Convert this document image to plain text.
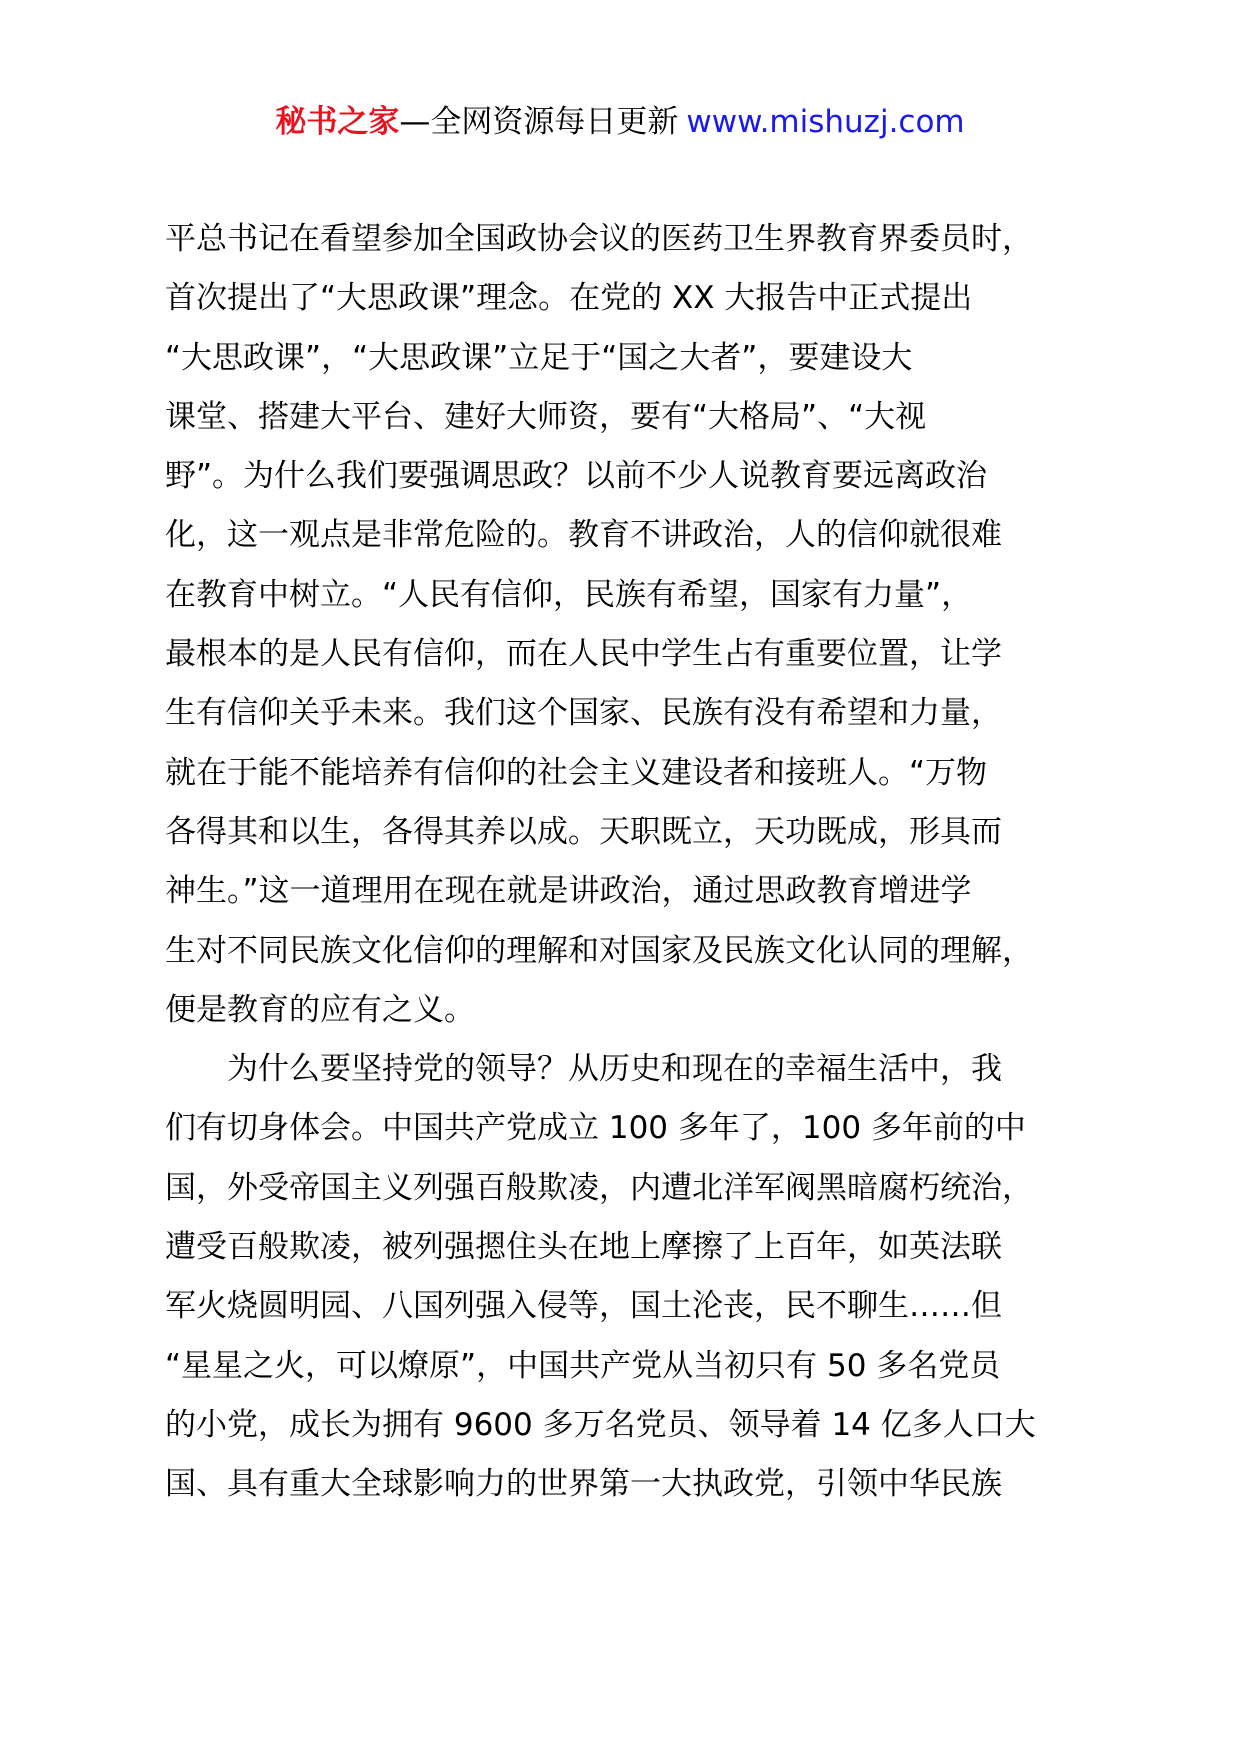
秘书之家—全网资源每日更新 www.mishuzj.com
平总书记在看望参加全国政协会议的医药卫生界教育界委员时，
首次提出了“大思政课”理念。在党的 XX 大报告中正式提出
“大思政课”，“大思政课”立足于“国之大者”，要建设大
课堂、搭建大平台、建好大师资，要有“大格局”、“大视
野”。为什么我们要强调思政？以前不少人说教育要远离政治
化，这一观点是非常危险的。教育不讲政治，人的信仰就很难
在教育中树立。“人民有信仰，民族有希望，国家有力量”，
最根本的是人民有信仰，而在人民中学生占有重要位置，让学
生有信仰关乎未来。我们这个国家、民族有没有希望和力量，
就在于能不能培养有信仰的社会主义建设者和接班人。“万物
各得其和以生，各得其养以成。天职既立，天功既成，形具而
神生。”这一道理用在现在就是讲政治，通过思政教育增进学
生对不同民族文化信仰的理解和对国家及民族文化认同的理解，
便是教育的应有之义。
　　为什么要坚持党的领导？从历史和现在的幸福生活中，我
们有切身体会。中国共产党成立 100 多年了，100 多年前的中
国，外受帝国主义列强百般欺凌，内遭北洋军阀黑暗腐朽统治，
遭受百般欺凌，被列强摁住头在地上摩擦了上百年，如英法联
军火烧圆明园、八国列强入侵等，国土沦丧，民不聊生……但
“星星之火，可以燎原”，中国共产党从当初只有 50 多名党员
的小党，成长为拥有 9600 多万名党员、领导着 14 亿多人口大
国、具有重大全球影响力的世界第一大执政党，引领中华民族
